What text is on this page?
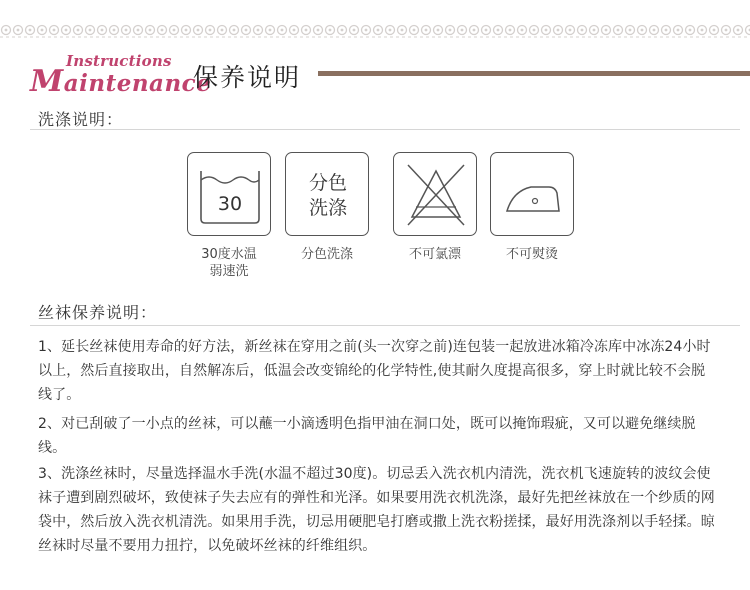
Instructions
Maintenance
保养说明
洗涤说明：
30
30度水温
弱速洗
分色
洗涤
分色洗涤	不可氯漂	不可熨烫
丝袜保养说明：
1、延长丝袜使用寿命的好方法，新丝袜在穿用之前(头一次穿之前)连包装一起放进冰箱冷冻库中冰冻24小时以上，然后直接取出，自然解冻后，低温会改变锦纶的化学特性,使其耐久度提高很多，穿上时就比较不会脱线了。
2、对已刮破了一小点的丝袜，可以蘸一小滴透明色指甲油在洞口处，既可以掩饰瑕疵，又可以避免继续脱线。
3、洗涤丝袜时，尽量选择温水手洗(水温不超过30度)。切忌丢入洗衣机内清洗，洗衣机飞速旋转的波纹会使袜子遭到剧烈破坏，致使袜子失去应有的弹性和光泽。如果要用洗衣机洗涤，最好先把丝袜放在一个纱质的网袋中，然后放入洗衣机清洗。如果用手洗，切忌用硬肥皂打磨或撒上洗衣粉搓揉，最好用洗涤剂以手轻揉。晾丝袜时尽量不要用力扭拧，以免破坏丝袜的纤维组织。
